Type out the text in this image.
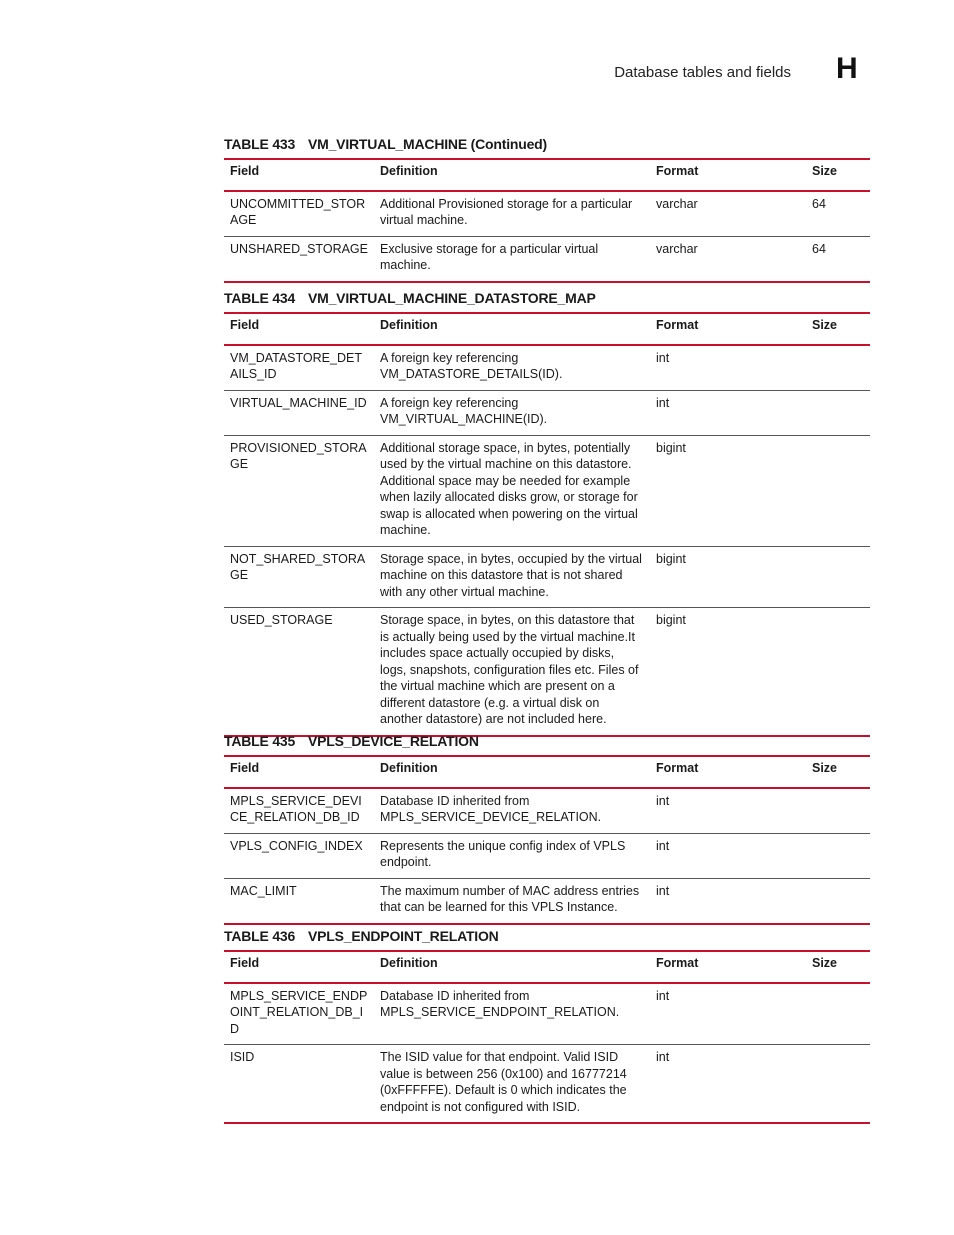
Database tables and fields H
TABLE 433 VM_VIRTUAL_MACHINE (Continued)
Field	Definition	Format	Size
UNCOMMITTED_STORAGE	Additional Provisioned storage for a particular virtual machine.	varchar	64
UNSHARED_STORAGE	Exclusive storage for a particular virtual machine.	varchar	64
TABLE 434 VM_VIRTUAL_MACHINE_DATASTORE_MAP
Field	Definition	Format	Size
VM_DATASTORE_DETAILS_ID	A foreign key referencing VM_DATASTORE_DETAILS(ID).	int	
VIRTUAL_MACHINE_ID	A foreign key referencing VM_VIRTUAL_MACHINE(ID).	int	
PROVISIONED_STORAGE	Additional storage space, in bytes, potentially used by the virtual machine on this datastore. Additional space may be needed for example when lazily allocated disks grow, or storage for swap is allocated when powering on the virtual machine.	bigint	
NOT_SHARED_STORAGE	Storage space, in bytes, occupied by the virtual machine on this datastore that is not shared with any other virtual machine.	bigint	
USED_STORAGE	Storage space, in bytes, on this datastore that is actually being used by the virtual machine.It includes space actually occupied by disks, logs, snapshots, configuration files etc. Files of the virtual machine which are present on a different datastore (e.g. a virtual disk on another datastore) are not included here.	bigint	
TABLE 435 VPLS_DEVICE_RELATION
Field	Definition	Format	Size
MPLS_SERVICE_DEVICE_RELATION_DB_ID	Database ID inherited from MPLS_SERVICE_DEVICE_RELATION.	int	
VPLS_CONFIG_INDEX	Represents the unique config index of VPLS endpoint.	int	
MAC_LIMIT	The maximum number of MAC address entries that can be learned for this VPLS Instance.	int	
TABLE 436 VPLS_ENDPOINT_RELATION
Field	Definition	Format	Size
MPLS_SERVICE_ENDPOINT_RELATION_DB_ID	Database ID inherited from MPLS_SERVICE_ENDPOINT_RELATION.	int	
ISID	The ISID value for that endpoint. Valid ISID value is between 256 (0x100) and 16777214 (0xFFFFFE). Default is 0 which indicates the endpoint is not configured with ISID.	int	
